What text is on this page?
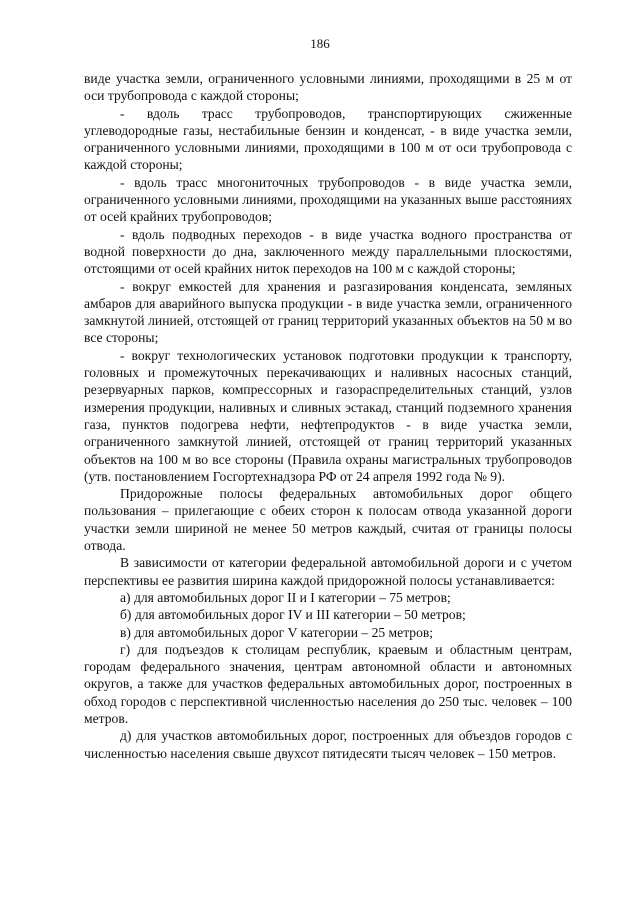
186

виде участка земли, ограниченного условными линиями, проходящими в 25 м от оси трубопровода с каждой стороны;

- вдоль трасс трубопроводов, транспортирующих сжиженные углеводородные газы, нестабильные бензин и конденсат, - в виде участка земли, ограниченного условными линиями, проходящими в 100 м от оси трубопровода с каждой стороны;

- вдоль трасс многониточных трубопроводов - в виде участка земли, ограниченного условными линиями, проходящими на указанных выше расстояниях от осей крайних трубопроводов;

- вдоль подводных переходов - в виде участка водного пространства от водной поверхности до дна, заключенного между параллельными плоскостями, отстоящими от осей крайних ниток переходов на 100 м с каждой стороны;

- вокруг емкостей для хранения и разгазирования конденсата, земляных амбаров для аварийного выпуска продукции - в виде участка земли, ограниченного замкнутой линией, отстоящей от границ территорий указанных объектов на 50 м во все стороны;

- вокруг технологических установок подготовки продукции к транспорту, головных и промежуточных перекачивающих и наливных насосных станций, резервуарных парков, компрессорных и газораспределительных станций, узлов измерения продукции, наливных и сливных эстакад, станций подземного хранения газа, пунктов подогрева нефти, нефтепродуктов - в виде участка земли, ограниченного замкнутой линией, отстоящей от границ территорий указанных объектов на 100 м во все стороны (Правила охраны магистральных трубопроводов (утв. постановлением Госгортехнадзора РФ от 24 апреля 1992 года № 9).

Придорожные полосы федеральных автомобильных дорог общего пользования – прилегающие с обеих сторон к полосам отвода указанной дороги участки земли шириной не менее 50 метров каждый, считая от границы полосы отвода.

В зависимости от категории федеральной автомобильной дороги и с учетом перспективы ее развития ширина каждой придорожной полосы устанавливается:

а) для автомобильных дорог II и I категории – 75 метров;

б) для автомобильных дорог IV и III категории – 50 метров;

в) для автомобильных дорог V категории – 25 метров;

г) для подъездов к столицам республик, краевым и областным центрам, городам федерального значения, центрам автономной области и автономных округов, а также для участков федеральных автомобильных дорог, построенных в обход городов с перспективной численностью населения до 250 тыс. человек – 100 метров.

д) для участков автомобильных дорог, построенных для объездов городов с численностью населения свыше двухсот пятидесяти тысяч человек – 150 метров.
